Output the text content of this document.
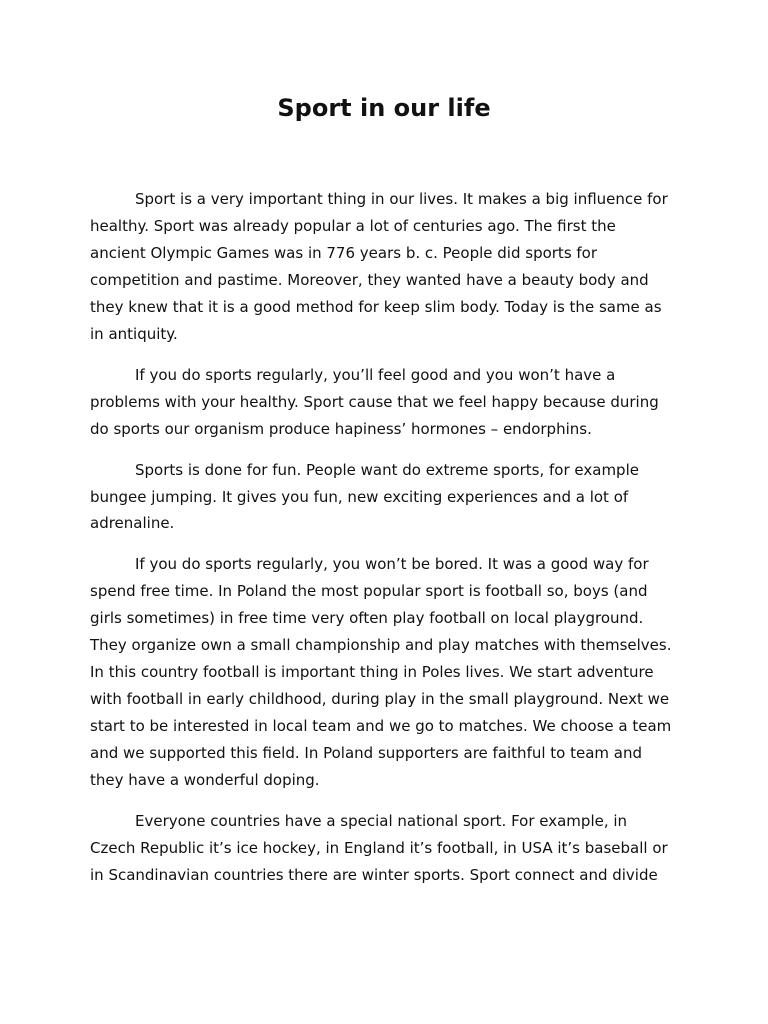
Sport in our life

Sport is a very important thing in our lives. It makes a big influence for

healthy. Sport was already popular a lot of centuries ago. The first the

ancient Olympic Games was in 776 years b. c. People did sports for

competition and pastime. Moreover, they wanted have a beauty body and

they knew that it is a good method for keep slim body. Today is the same as

in antiquity.

If you do sports regularly, you’ll feel good and you won’t have a

problems with your healthy. Sport cause that we feel happy because during

do sports our organism produce hapiness’ hormones – endorphins.

Sports is done for fun. People want do extreme sports, for example

bungee jumping. It gives you fun, new exciting experiences and a lot of

adrenaline.

If you do sports regularly, you won’t be bored. It was a good way for

spend free time. In Poland the most popular sport is football so, boys (and

girls sometimes) in free time very often play football on local playground.

They organize own a small championship and play matches with themselves.

In this country football is important thing in Poles lives. We start adventure

with football in early childhood, during play in the small playground. Next we

start to be interested in local team and we go to matches. We choose a team

and we supported this field. In Poland supporters are faithful to team and

they have a wonderful doping.

Everyone countries have a special national sport. For example, in

Czech Republic it’s ice hockey, in England it’s football, in USA it’s baseball or

in Scandinavian countries there are winter sports. Sport connect and divide
